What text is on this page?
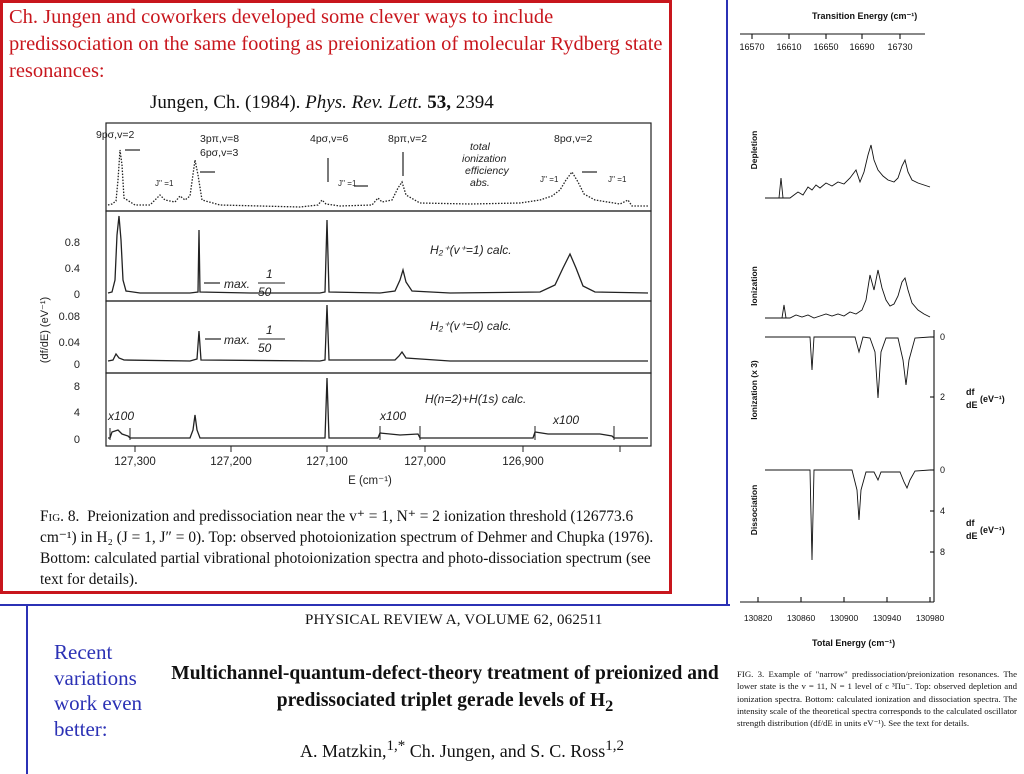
Ch. Jungen and coworkers developed some clever ways to include predissociation on the same footing as preionization of molecular Rydberg state resonances:
Jungen, Ch. (1984). Phys. Rev. Lett. 53, 2394
9pσ,v=2	3pπ,v=8
6pσ,v=3
4pσ,v=6	8pπ,v=2	8pσ,v=2
J'' =1	J'' =1	J'' =1	J'' =1
total
ionization
efficiency
abs.
H₂⁺(v⁺=1) calc.
H₂⁺(v⁺=0) calc.
H(n=2)+H(1s) calc.
max.
1
50
max.
1
50
x100	x100	x100
0.8
0.4
0
0.08
0.04
0
8
4
0
(df/dE) (eV⁻¹)
127,300	127,200	127,100	127,000	126,900
E (cm⁻¹)
Fig. 8. Preionization and predissociation near the v⁺ = 1, N⁺ = 2 ionization threshold (126773.6 cm⁻¹) in H₂ (J = 1, J″ = 0). Top: observed photoionization spectrum of Dehmer and Chupka (1976). Bottom: calculated partial vibrational photoionization spectra and photo-dissociation spectrum (see text for details).
Recent
variations
work even
better:
PHYSICAL REVIEW A, VOLUME 62, 062511
Multichannel-quantum-defect-theory treatment of preionized and predissociated triplet gerade levels of $H_2$
A. Matzkin,$^{1,*}$ Ch. Jungen, and S. C. Ross$^{1,2}$
Transition Energy (cm⁻¹)
16570 16610 16650 16690 16730
Depletion
Ionization
Ionization (x 3)
Dissociation
0
2
0
4
8
df
dE
(eV⁻¹)
df
dE
(eV⁻¹)
130820 130860 130900 130940 130980
Total Energy (cm⁻¹)
FIG. 3. Example of "narrow" predissociation/preionization resonances. The lower state is the v = 11, N = 1 level of c ³Πu⁻. Top: observed depletion and ionization spectra. Bottom: calculated ionization and dissociation spectra. The intensity scale of the theoretical spectra corresponds to the calculated oscillator strength distribution (df/dE in units eV⁻¹). See the text for details.
